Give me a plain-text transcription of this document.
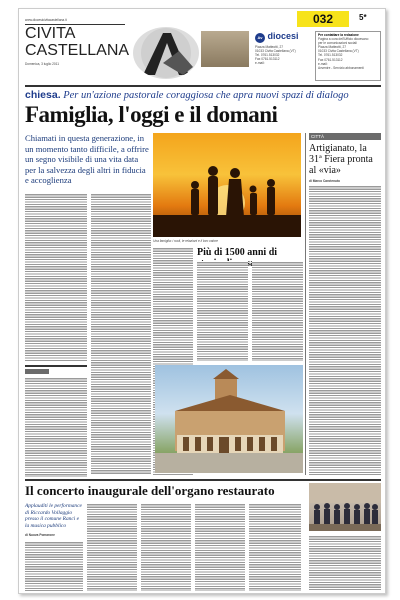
032	5*
www.diocesicivitacastellana.it
CIVITA
CASTELLANA
Domenica, 3 luglio 2011
Av diocesi
Piazza Matteotti, 27
01033 Civita Castellana (VT)
Tel. 0761.513032
Fax 0761.513112
e-mail:
Per contattare la redazione
Pagina a cura dell'Ufficio diocesano
per le comunicazioni sociali
Piazza Matteotti, 27
01033 Civita Castellana (VT)
Tel. 0761.513032
Fax 0761.513112
e-mail:
Avvenire - Servizio abbonamenti
chiesa. Per un'azione pastorale coraggiosa che apra nuovi spazi di dialogo
Famiglia, l'oggi e il domani
Chiamati in questa generazione, in un momento tanto difficile, a offrire un segno visibile di una vita data per la salvezza degli altri in fiducia e accoglienza
Una famiglia: i ruoli, le relazioni e il loro valore
CITTÀ
Artigianato, la 31ª Fiera pronta al «via»
di Marco Carotenuto
Più di 1500 anni di
Il concerto inaugurale dell'organo restaurato
Applauditi le performance di Riccardo Vollaggio presso il comune Ranci e la musica pubblico
di Nuova Pomarone
